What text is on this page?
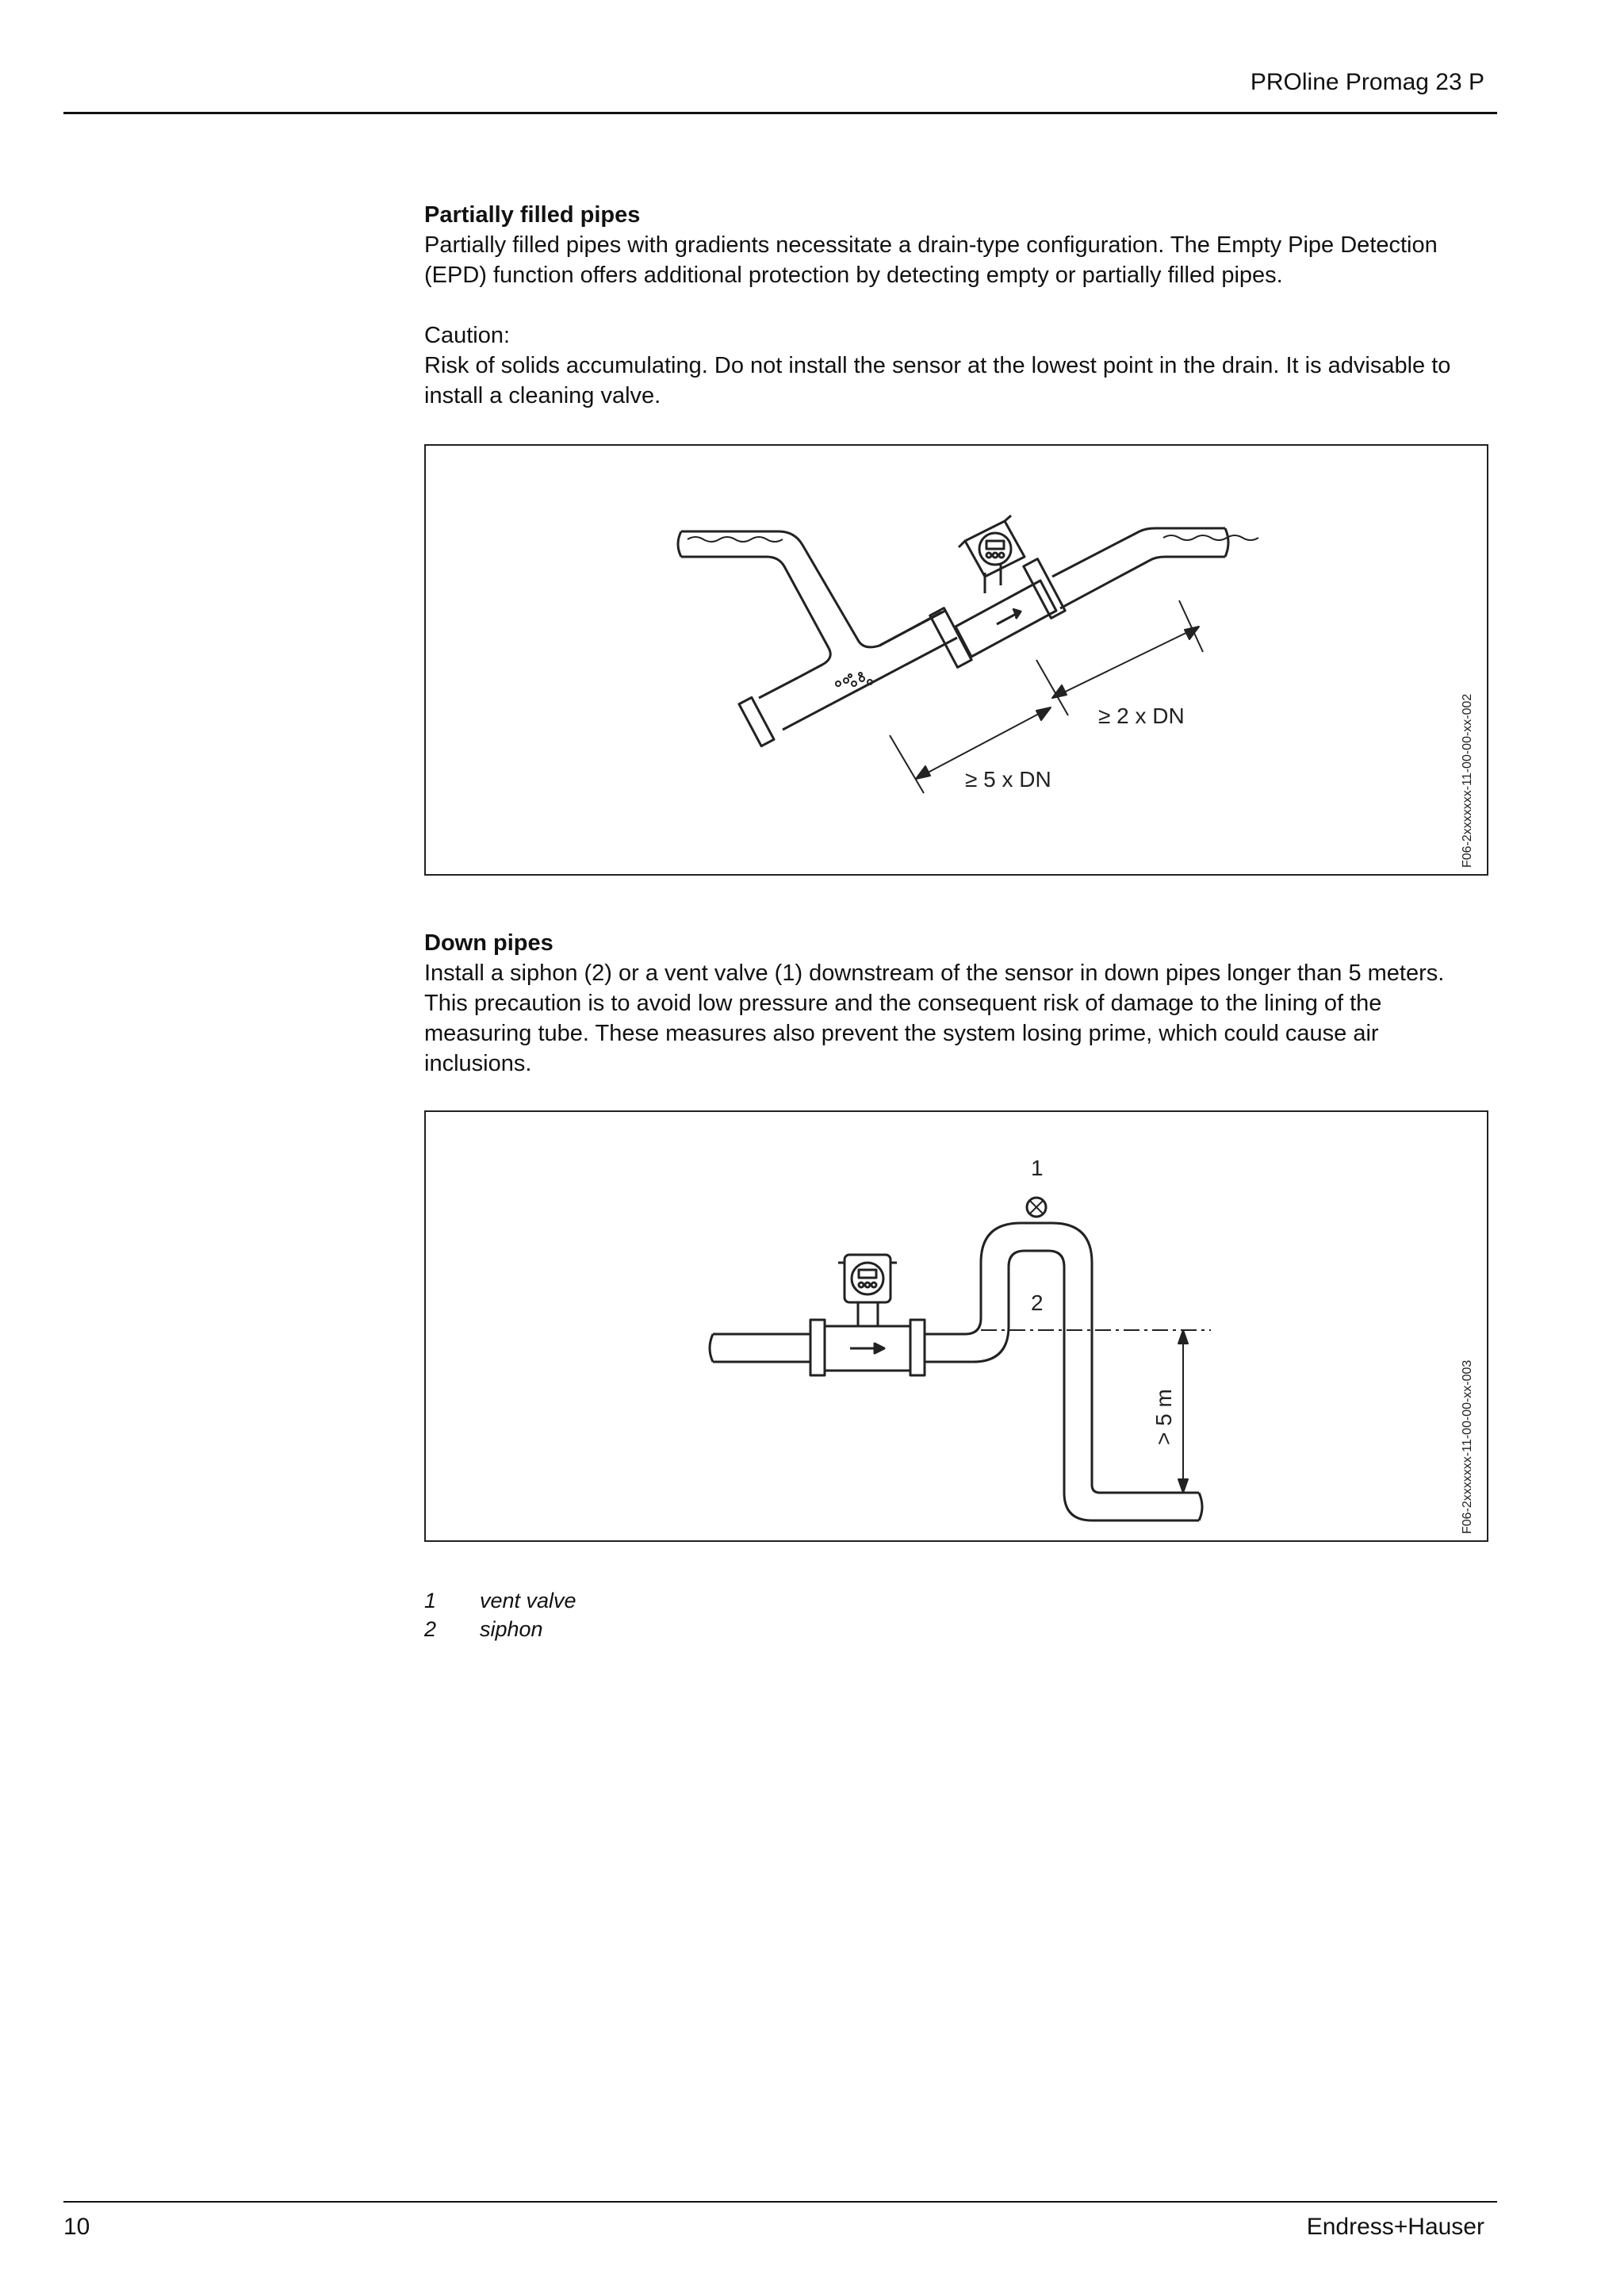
PROline Promag 23 P

Partially filled pipes

Partially filled pipes with gradients necessitate a drain-type configuration. The Empty Pipe Detection (EPD) function offers additional protection by detecting empty or partially filled pipes.

Caution:

Risk of solids accumulating. Do not install the sensor at the lowest point in the drain. It is advisable to install a cleaning valve.

≥ 2 x DN
≥ 5 x DN	F06-2xxxxxxx-11-00-00-xx-002

Down pipes

Install a siphon (2) or a vent valve (1) downstream of the sensor in down pipes longer than 5 meters. This precaution is to avoid low pressure and the consequent risk of damage to the lining of the measuring tube. These measures also prevent the system losing prime, which could cause air inclusions.

1
2
> 5 m	F06-2xxxxxxx-11-00-00-xx-003
1	vent valve
2	siphon
10	Endress+Hauser
